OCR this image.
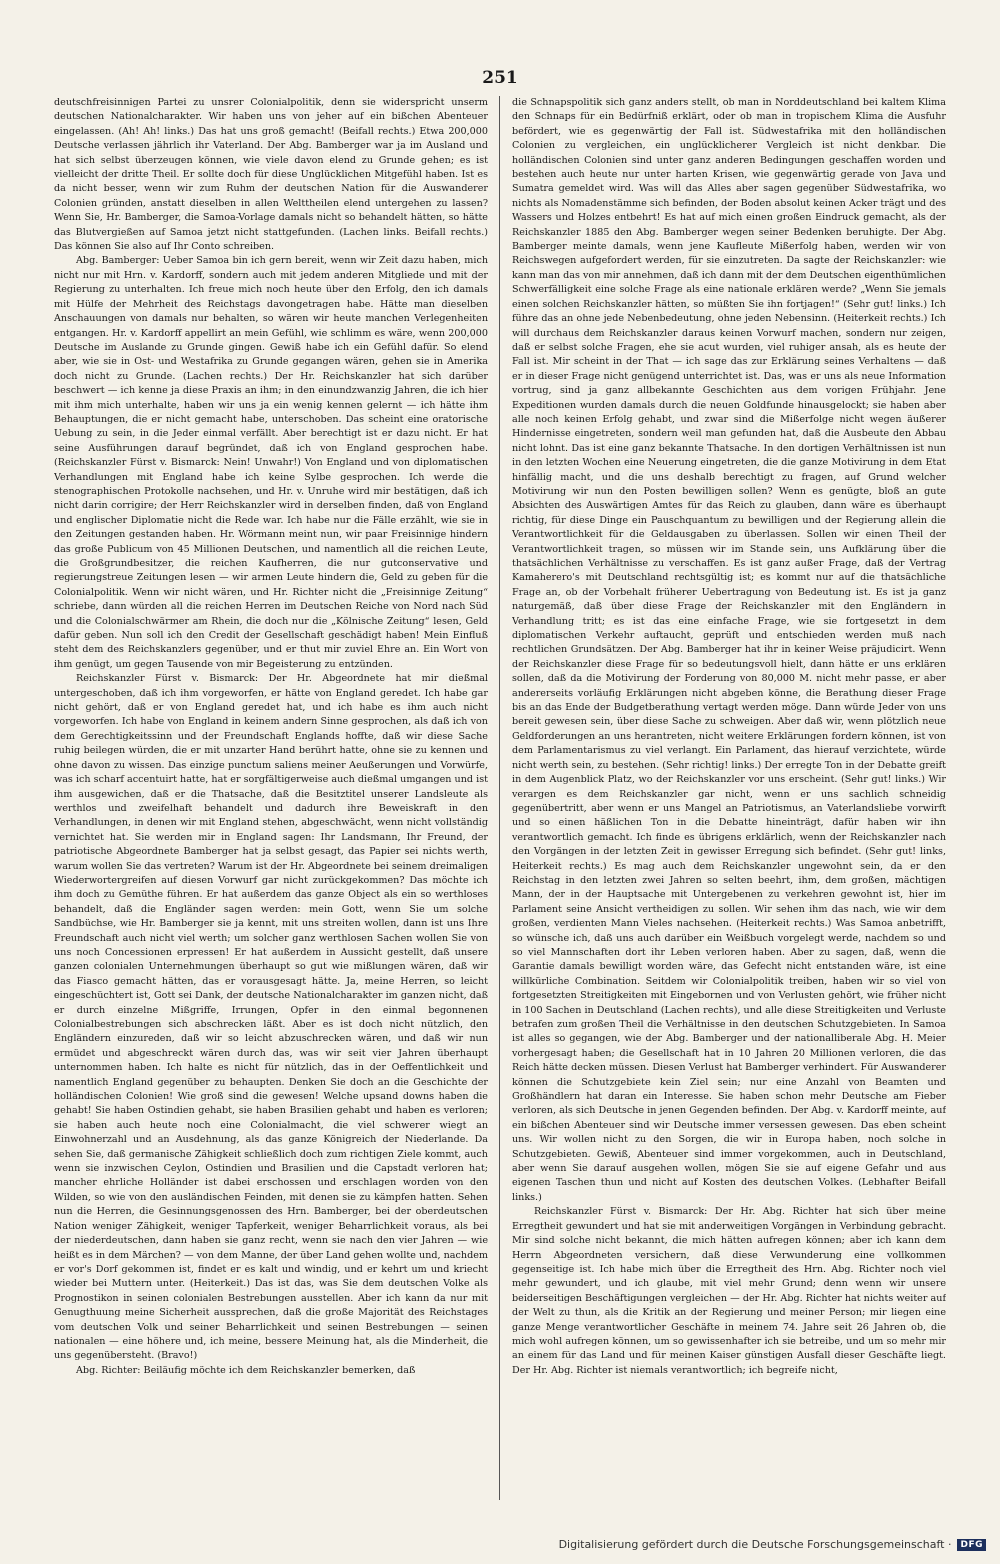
251

deutschfreisinnigen Partei zu unsrer Colonialpolitik, denn sie widerspricht unserm deutschen Nationalcharakter. Wir haben uns von jeher auf ein bißchen Abenteuer eingelassen. (Ah! Ah! links.) Das hat uns groß gemacht! (Beifall rechts.) Etwa 200,000 Deutsche verlassen jährlich ihr Vaterland. Der Abg. Bamberger war ja im Ausland und hat sich selbst überzeugen können, wie viele davon elend zu Grunde gehen; es ist vielleicht der dritte Theil. Er sollte doch für diese Unglücklichen Mitgefühl haben. Ist es da nicht besser, wenn wir zum Ruhm der deutschen Nation für die Auswanderer Colonien gründen, anstatt dieselben in allen Welttheilen elend untergehen zu lassen? Wenn Sie, Hr. Bamberger, die Samoa-Vorlage damals nicht so behandelt hätten, so hätte das Blutvergießen auf Samoa jetzt nicht stattgefunden. (Lachen links. Beifall rechts.) Das können Sie also auf Ihr Conto schreiben.

Abg. Bamberger: Ueber Samoa bin ich gern bereit, wenn wir Zeit dazu haben, mich nicht nur mit Hrn. v. Kardorff, sondern auch mit jedem anderen Mitgliede und mit der Regierung zu unterhalten. Ich freue mich noch heute über den Erfolg, den ich damals mit Hülfe der Mehrheit des Reichstags davongetragen habe. Hätte man dieselben Anschauungen von damals nur behalten, so wären wir heute manchen Verlegenheiten entgangen. Hr. v. Kardorff appellirt an mein Gefühl, wie schlimm es wäre, wenn 200,000 Deutsche im Auslande zu Grunde gingen. Gewiß habe ich ein Gefühl dafür. So elend aber, wie sie in Ost- und Westafrika zu Grunde gegangen wären, gehen sie in Amerika doch nicht zu Grunde. (Lachen rechts.) Der Hr. Reichskanzler hat sich darüber beschwert — ich kenne ja diese Praxis an ihm; in den einundzwanzig Jahren, die ich hier mit ihm mich unterhalte, haben wir uns ja ein wenig kennen gelernt — ich hätte ihm Behauptungen, die er nicht gemacht habe, unterschoben. Das scheint eine oratorische Uebung zu sein, in die Jeder einmal verfällt. Aber berechtigt ist er dazu nicht. Er hat seine Ausführungen darauf begründet, daß ich von England gesprochen habe. (Reichskanzler Fürst v. Bismarck: Nein! Unwahr!) Von England und von diplomatischen Verhandlungen mit England habe ich keine Sylbe gesprochen. Ich werde die stenographischen Protokolle nachsehen, und Hr. v. Unruhe wird mir bestätigen, daß ich nicht darin corrigire; der Herr Reichskanzler wird in derselben finden, daß von England und englischer Diplomatie nicht die Rede war. Ich habe nur die Fälle erzählt, wie sie in den Zeitungen gestanden haben. Hr. Wörmann meint nun, wir paar Freisinnige hindern das große Publicum von 45 Millionen Deutschen, und namentlich all die reichen Leute, die Großgrundbesitzer, die reichen Kaufherren, die nur gutconservative und regierungstreue Zeitungen lesen — wir armen Leute hindern die, Geld zu geben für die Colonialpolitik. Wenn wir nicht wären, und Hr. Richter nicht die „Freisinnige Zeitung“ schriebe, dann würden all die reichen Herren im Deutschen Reiche von Nord nach Süd und die Colonialschwärmer am Rhein, die doch nur die „Kölnische Zeitung“ lesen, Geld dafür geben. Nun soll ich den Credit der Gesellschaft geschädigt haben! Mein Einfluß steht dem des Reichskanzlers gegenüber, und er thut mir zuviel Ehre an. Ein Wort von ihm genügt, um gegen Tausende von mir Begeisterung zu entzünden.

Reichskanzler Fürst v. Bismarck: Der Hr. Abgeordnete hat mir dießmal untergeschoben, daß ich ihm vorgeworfen, er hätte von England geredet. Ich habe gar nicht gehört, daß er von England geredet hat, und ich habe es ihm auch nicht vorgeworfen. Ich habe von England in keinem andern Sinne gesprochen, als daß ich von dem Gerechtigkeitssinn und der Freundschaft Englands hoffte, daß wir diese Sache ruhig beilegen würden, die er mit unzarter Hand berührt hatte, ohne sie zu kennen und ohne davon zu wissen. Das einzige punctum saliens meiner Aeußerungen und Vorwürfe, was ich scharf accentuirt hatte, hat er sorgfältigerweise auch dießmal umgangen und ist ihm ausgewichen, daß er die Thatsache, daß die Besitztitel unserer Landsleute als werthlos und zweifelhaft behandelt und dadurch ihre Beweiskraft in den Verhandlungen, in denen wir mit England stehen, abgeschwächt, wenn nicht vollständig vernichtet hat. Sie werden mir in England sagen: Ihr Landsmann, Ihr Freund, der patriotische Abgeordnete Bamberger hat ja selbst gesagt, das Papier sei nichts werth, warum wollen Sie das vertreten? Warum ist der Hr. Abgeordnete bei seinem dreimaligen Wiederwortergreifen auf diesen Vorwurf gar nicht zurückgekommen? Das möchte ich ihm doch zu Gemüthe führen. Er hat außerdem das ganze Object als ein so werthloses behandelt, daß die Engländer sagen werden: mein Gott, wenn Sie um solche Sandbüchse, wie Hr. Bamberger sie ja kennt, mit uns streiten wollen, dann ist uns Ihre Freundschaft auch nicht viel werth; um solcher ganz werthlosen Sachen wollen Sie von uns noch Concessionen erpressen! Er hat außerdem in Aussicht gestellt, daß unsere ganzen colonialen Unternehmungen überhaupt so gut wie mißlungen wären, daß wir das Fiasco gemacht hätten, das er vorausgesagt hätte. Ja, meine Herren, so leicht eingeschüchtert ist, Gott sei Dank, der deutsche Nationalcharakter im ganzen nicht, daß er durch einzelne Mißgriffe, Irrungen, Opfer in den einmal begonnenen Colonialbestrebungen sich abschrecken läßt. Aber es ist doch nicht nützlich, den Engländern einzureden, daß wir so leicht abzuschrecken wären, und daß wir nun ermüdet und abgeschreckt wären durch das, was wir seit vier Jahren überhaupt unternommen haben. Ich halte es nicht für nützlich, das in der Oeffentlichkeit und namentlich England gegenüber zu behaupten. Denken Sie doch an die Geschichte der holländischen Colonien! Wie groß sind die gewesen! Welche upsand downs haben die gehabt! Sie haben Ostindien gehabt, sie haben Brasilien gehabt und haben es verloren; sie haben auch heute noch eine Colonialmacht, die viel schwerer wiegt an Einwohnerzahl und an Ausdehnung, als das ganze Königreich der Niederlande. Da sehen Sie, daß germanische Zähigkeit schließlich doch zum richtigen Ziele kommt, auch wenn sie inzwischen Ceylon, Ostindien und Brasilien und die Capstadt verloren hat; mancher ehrliche Holländer ist dabei erschossen und erschlagen worden von den Wilden, so wie von den ausländischen Feinden, mit denen sie zu kämpfen hatten. Sehen nun die Herren, die Gesinnungsgenossen des Hrn. Bamberger, bei der oberdeutschen Nation weniger Zähigkeit, weniger Tapferkeit, weniger Beharrlichkeit voraus, als bei der niederdeutschen, dann haben sie ganz recht, wenn sie nach den vier Jahren — wie heißt es in dem Märchen? — von dem Manne, der über Land gehen wollte und, nachdem er vor's Dorf gekommen ist, findet er es kalt und windig, und er kehrt um und kriecht wieder bei Muttern unter. (Heiterkeit.) Das ist das, was Sie dem deutschen Volke als Prognostikon in seinen colonialen Bestrebungen ausstellen. Aber ich kann da nur mit Genugthuung meine Sicherheit aussprechen, daß die große Majorität des Reichstages vom deutschen Volk und seiner Beharrlichkeit und seinen Bestrebungen — seinen nationalen — eine höhere und, ich meine, bessere Meinung hat, als die Minderheit, die uns gegenübersteht. (Bravo!)

Abg. Richter: Beiläufig möchte ich dem Reichskanzler bemerken, daß

die Schnapspolitik sich ganz anders stellt, ob man in Norddeutschland bei kaltem Klima den Schnaps für ein Bedürfniß erklärt, oder ob man in tropischem Klima die Ausfuhr befördert, wie es gegenwärtig der Fall ist. Südwestafrika mit den holländischen Colonien zu vergleichen, ein unglücklicherer Vergleich ist nicht denkbar. Die holländischen Colonien sind unter ganz anderen Bedingungen geschaffen worden und bestehen auch heute nur unter harten Krisen, wie gegenwärtig gerade von Java und Sumatra gemeldet wird. Was will das Alles aber sagen gegenüber Südwestafrika, wo nichts als Nomadenstämme sich befinden, der Boden absolut keinen Acker trägt und des Wassers und Holzes entbehrt! Es hat auf mich einen großen Eindruck gemacht, als der Reichskanzler 1885 den Abg. Bamberger wegen seiner Bedenken beruhigte. Der Abg. Bamberger meinte damals, wenn jene Kaufleute Mißerfolg haben, werden wir von Reichswegen aufgefordert werden, für sie einzutreten. Da sagte der Reichskanzler: wie kann man das von mir annehmen, daß ich dann mit der dem Deutschen eigenthümlichen Schwerfälligkeit eine solche Frage als eine nationale erklären werde? „Wenn Sie jemals einen solchen Reichskanzler hätten, so müßten Sie ihn fortjagen!“ (Sehr gut! links.) Ich führe das an ohne jede Nebenbedeutung, ohne jeden Nebensinn. (Heiterkeit rechts.) Ich will durchaus dem Reichskanzler daraus keinen Vorwurf machen, sondern nur zeigen, daß er selbst solche Fragen, ehe sie acut wurden, viel ruhiger ansah, als es heute der Fall ist. Mir scheint in der That — ich sage das zur Erklärung seines Verhaltens — daß er in dieser Frage nicht genügend unterrichtet ist. Das, was er uns als neue Information vortrug, sind ja ganz allbekannte Geschichten aus dem vorigen Frühjahr. Jene Expeditionen wurden damals durch die neuen Goldfunde hinausgelockt; sie haben aber alle noch keinen Erfolg gehabt, und zwar sind die Mißerfolge nicht wegen äußerer Hindernisse eingetreten, sondern weil man gefunden hat, daß die Ausbeute den Abbau nicht lohnt. Das ist eine ganz bekannte Thatsache. In den dortigen Verhältnissen ist nun in den letzten Wochen eine Neuerung eingetreten, die die ganze Motivirung in dem Etat hinfällig macht, und die uns deshalb berechtigt zu fragen, auf Grund welcher Motivirung wir nun den Posten bewilligen sollen? Wenn es genügte, bloß an gute Absichten des Auswärtigen Amtes für das Reich zu glauben, dann wäre es überhaupt richtig, für diese Dinge ein Pauschquantum zu bewilligen und der Regierung allein die Verantwortlichkeit für die Geldausgaben zu überlassen. Sollen wir einen Theil der Verantwortlichkeit tragen, so müssen wir im Stande sein, uns Aufklärung über die thatsächlichen Verhältnisse zu verschaffen. Es ist ganz außer Frage, daß der Vertrag Kamaherero's mit Deutschland rechtsgültig ist; es kommt nur auf die thatsächliche Frage an, ob der Vorbehalt früherer Uebertragung von Bedeutung ist. Es ist ja ganz naturgemäß, daß über diese Frage der Reichskanzler mit den Engländern in Verhandlung tritt; es ist das eine einfache Frage, wie sie fortgesetzt in dem diplomatischen Verkehr auftaucht, geprüft und entschieden werden muß nach rechtlichen Grundsätzen. Der Abg. Bamberger hat ihr in keiner Weise präjudicirt. Wenn der Reichskanzler diese Frage für so bedeutungsvoll hielt, dann hätte er uns erklären sollen, daß da die Motivirung der Forderung von 80,000 M. nicht mehr passe, er aber andererseits vorläufig Erklärungen nicht abgeben könne, die Berathung dieser Frage bis an das Ende der Budgetberathung vertagt werden möge. Dann würde Jeder von uns bereit gewesen sein, über diese Sache zu schweigen. Aber daß wir, wenn plötzlich neue Geldforderungen an uns herantreten, nicht weitere Erklärungen fordern können, ist von dem Parlamentarismus zu viel verlangt. Ein Parlament, das hierauf verzichtete, würde nicht werth sein, zu bestehen. (Sehr richtig! links.) Der erregte Ton in der Debatte greift in dem Augenblick Platz, wo der Reichskanzler vor uns erscheint. (Sehr gut! links.) Wir verargen es dem Reichskanzler gar nicht, wenn er uns sachlich schneidig gegenübertritt, aber wenn er uns Mangel an Patriotismus, an Vaterlandsliebe vorwirft und so einen häßlichen Ton in die Debatte hineinträgt, dafür haben wir ihn verantwortlich gemacht. Ich finde es übrigens erklärlich, wenn der Reichskanzler nach den Vorgängen in der letzten Zeit in gewisser Erregung sich befindet. (Sehr gut! links, Heiterkeit rechts.) Es mag auch dem Reichskanzler ungewohnt sein, da er den Reichstag in den letzten zwei Jahren so selten beehrt, ihm, dem großen, mächtigen Mann, der in der Hauptsache mit Untergebenen zu verkehren gewohnt ist, hier im Parlament seine Ansicht vertheidigen zu sollen. Wir sehen ihm das nach, wie wir dem großen, verdienten Mann Vieles nachsehen. (Heiterkeit rechts.) Was Samoa anbetrifft, so wünsche ich, daß uns auch darüber ein Weißbuch vorgelegt werde, nachdem so und so viel Mannschaften dort ihr Leben verloren haben. Aber zu sagen, daß, wenn die Garantie damals bewilligt worden wäre, das Gefecht nicht entstanden wäre, ist eine willkürliche Combination. Seitdem wir Colonialpolitik treiben, haben wir so viel von fortgesetzten Streitigkeiten mit Eingebornen und von Verlusten gehört, wie früher nicht in 100 Sachen in Deutschland (Lachen rechts), und alle diese Streitigkeiten und Verluste betrafen zum großen Theil die Verhältnisse in den deutschen Schutzgebieten. In Samoa ist alles so gegangen, wie der Abg. Bamberger und der nationalliberale Abg. H. Meier vorhergesagt haben; die Gesellschaft hat in 10 Jahren 20 Millionen verloren, die das Reich hätte decken müssen. Diesen Verlust hat Bamberger verhindert. Für Auswanderer können die Schutzgebiete kein Ziel sein; nur eine Anzahl von Beamten und Großhändlern hat daran ein Interesse. Sie haben schon mehr Deutsche am Fieber verloren, als sich Deutsche in jenen Gegenden befinden. Der Abg. v. Kardorff meinte, auf ein bißchen Abenteuer sind wir Deutsche immer versessen gewesen. Das eben scheint uns. Wir wollen nicht zu den Sorgen, die wir in Europa haben, noch solche in Schutzgebieten. Gewiß, Abenteuer sind immer vorgekommen, auch in Deutschland, aber wenn Sie darauf ausgehen wollen, mögen Sie sie auf eigene Gefahr und aus eigenen Taschen thun und nicht auf Kosten des deutschen Volkes. (Lebhafter Beifall links.)

Reichskanzler Fürst v. Bismarck: Der Hr. Abg. Richter hat sich über meine Erregtheit gewundert und hat sie mit anderweitigen Vorgängen in Verbindung gebracht. Mir sind solche nicht bekannt, die mich hätten aufregen können; aber ich kann dem Herrn Abgeordneten versichern, daß diese Verwunderung eine vollkommen gegenseitige ist. Ich habe mich über die Erregtheit des Hrn. Abg. Richter noch viel mehr gewundert, und ich glaube, mit viel mehr Grund; denn wenn wir unsere beiderseitigen Beschäftigungen vergleichen — der Hr. Abg. Richter hat nichts weiter auf der Welt zu thun, als die Kritik an der Regierung und meiner Person; mir liegen eine ganze Menge verantwortlicher Geschäfte in meinem 74. Jahre seit 26 Jahren ob, die mich wohl aufregen können, um so gewissenhafter ich sie betreibe, und um so mehr mir an einem für das Land und für meinen Kaiser günstigen Ausfall dieser Geschäfte liegt. Der Hr. Abg. Richter ist niemals verantwortlich; ich begreife nicht,

Digitalisierung gefördert durch die Deutsche Forschungsgemeinschaft ·	DFG
